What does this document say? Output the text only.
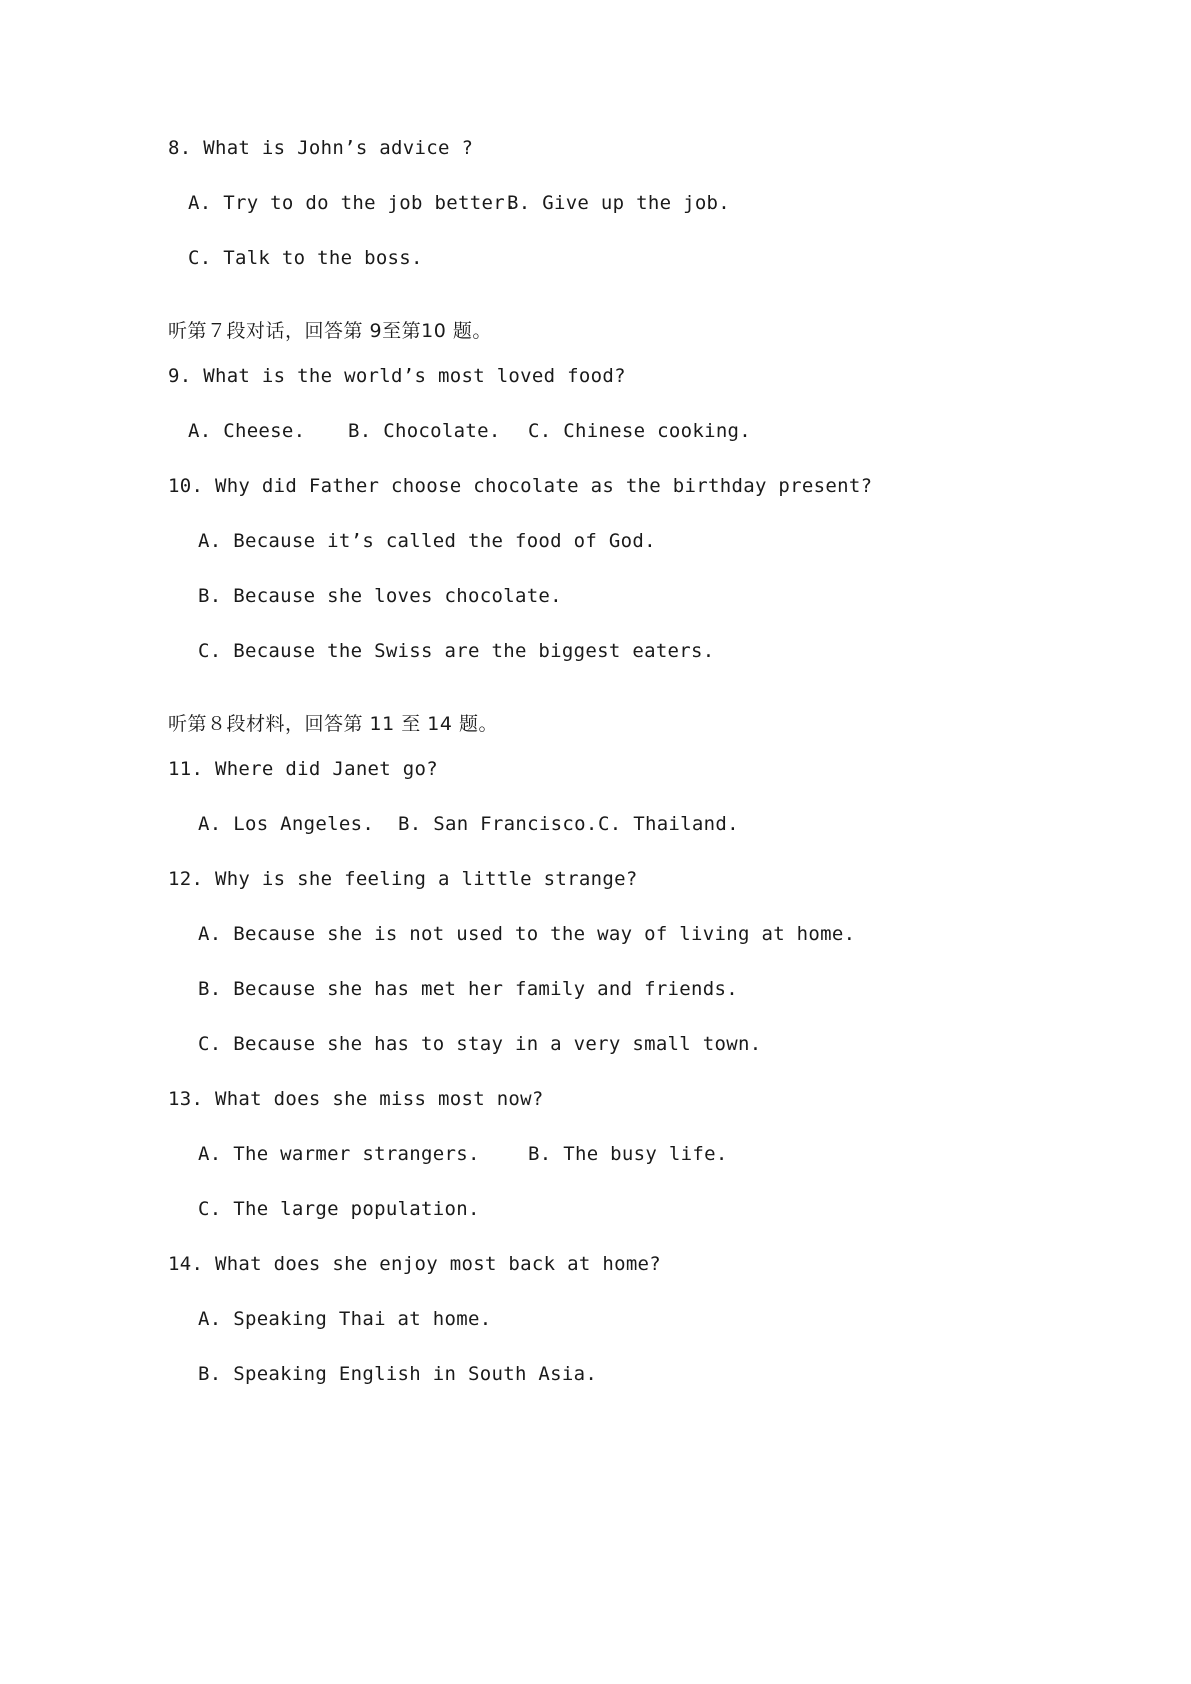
8. What is John’s advice ?
A. Try to do the job better.
B. Give up the job.
C. Talk to the boss.
听第７段对话，回答第 9至第10 题。
9. What is the world’s most loved food?
A. Cheese. B. Chocolate. C. Chinese cooking.
10. Why did Father choose chocolate as the birthday present?
A. Because it’s called the food of God.
B. Because she loves chocolate.
C. Because the Swiss are the biggest eaters.
听第８段材料，回答第 11 至 14 题。
11. Where did Janet go?
A. Los Angeles. B. San Francisco. C. Thailand.
12. Why is she feeling a little strange?
A. Because she is not used to the way of living at home.
B. Because she has met her family and friends.
C. Because she has to stay in a very small town.
13. What does she miss most now?
A. The warmer strangers.	B. The busy life.
C. The large population.
14. What does she enjoy most back at home?
A. Speaking Thai at home.
B. Speaking English in South Asia.
